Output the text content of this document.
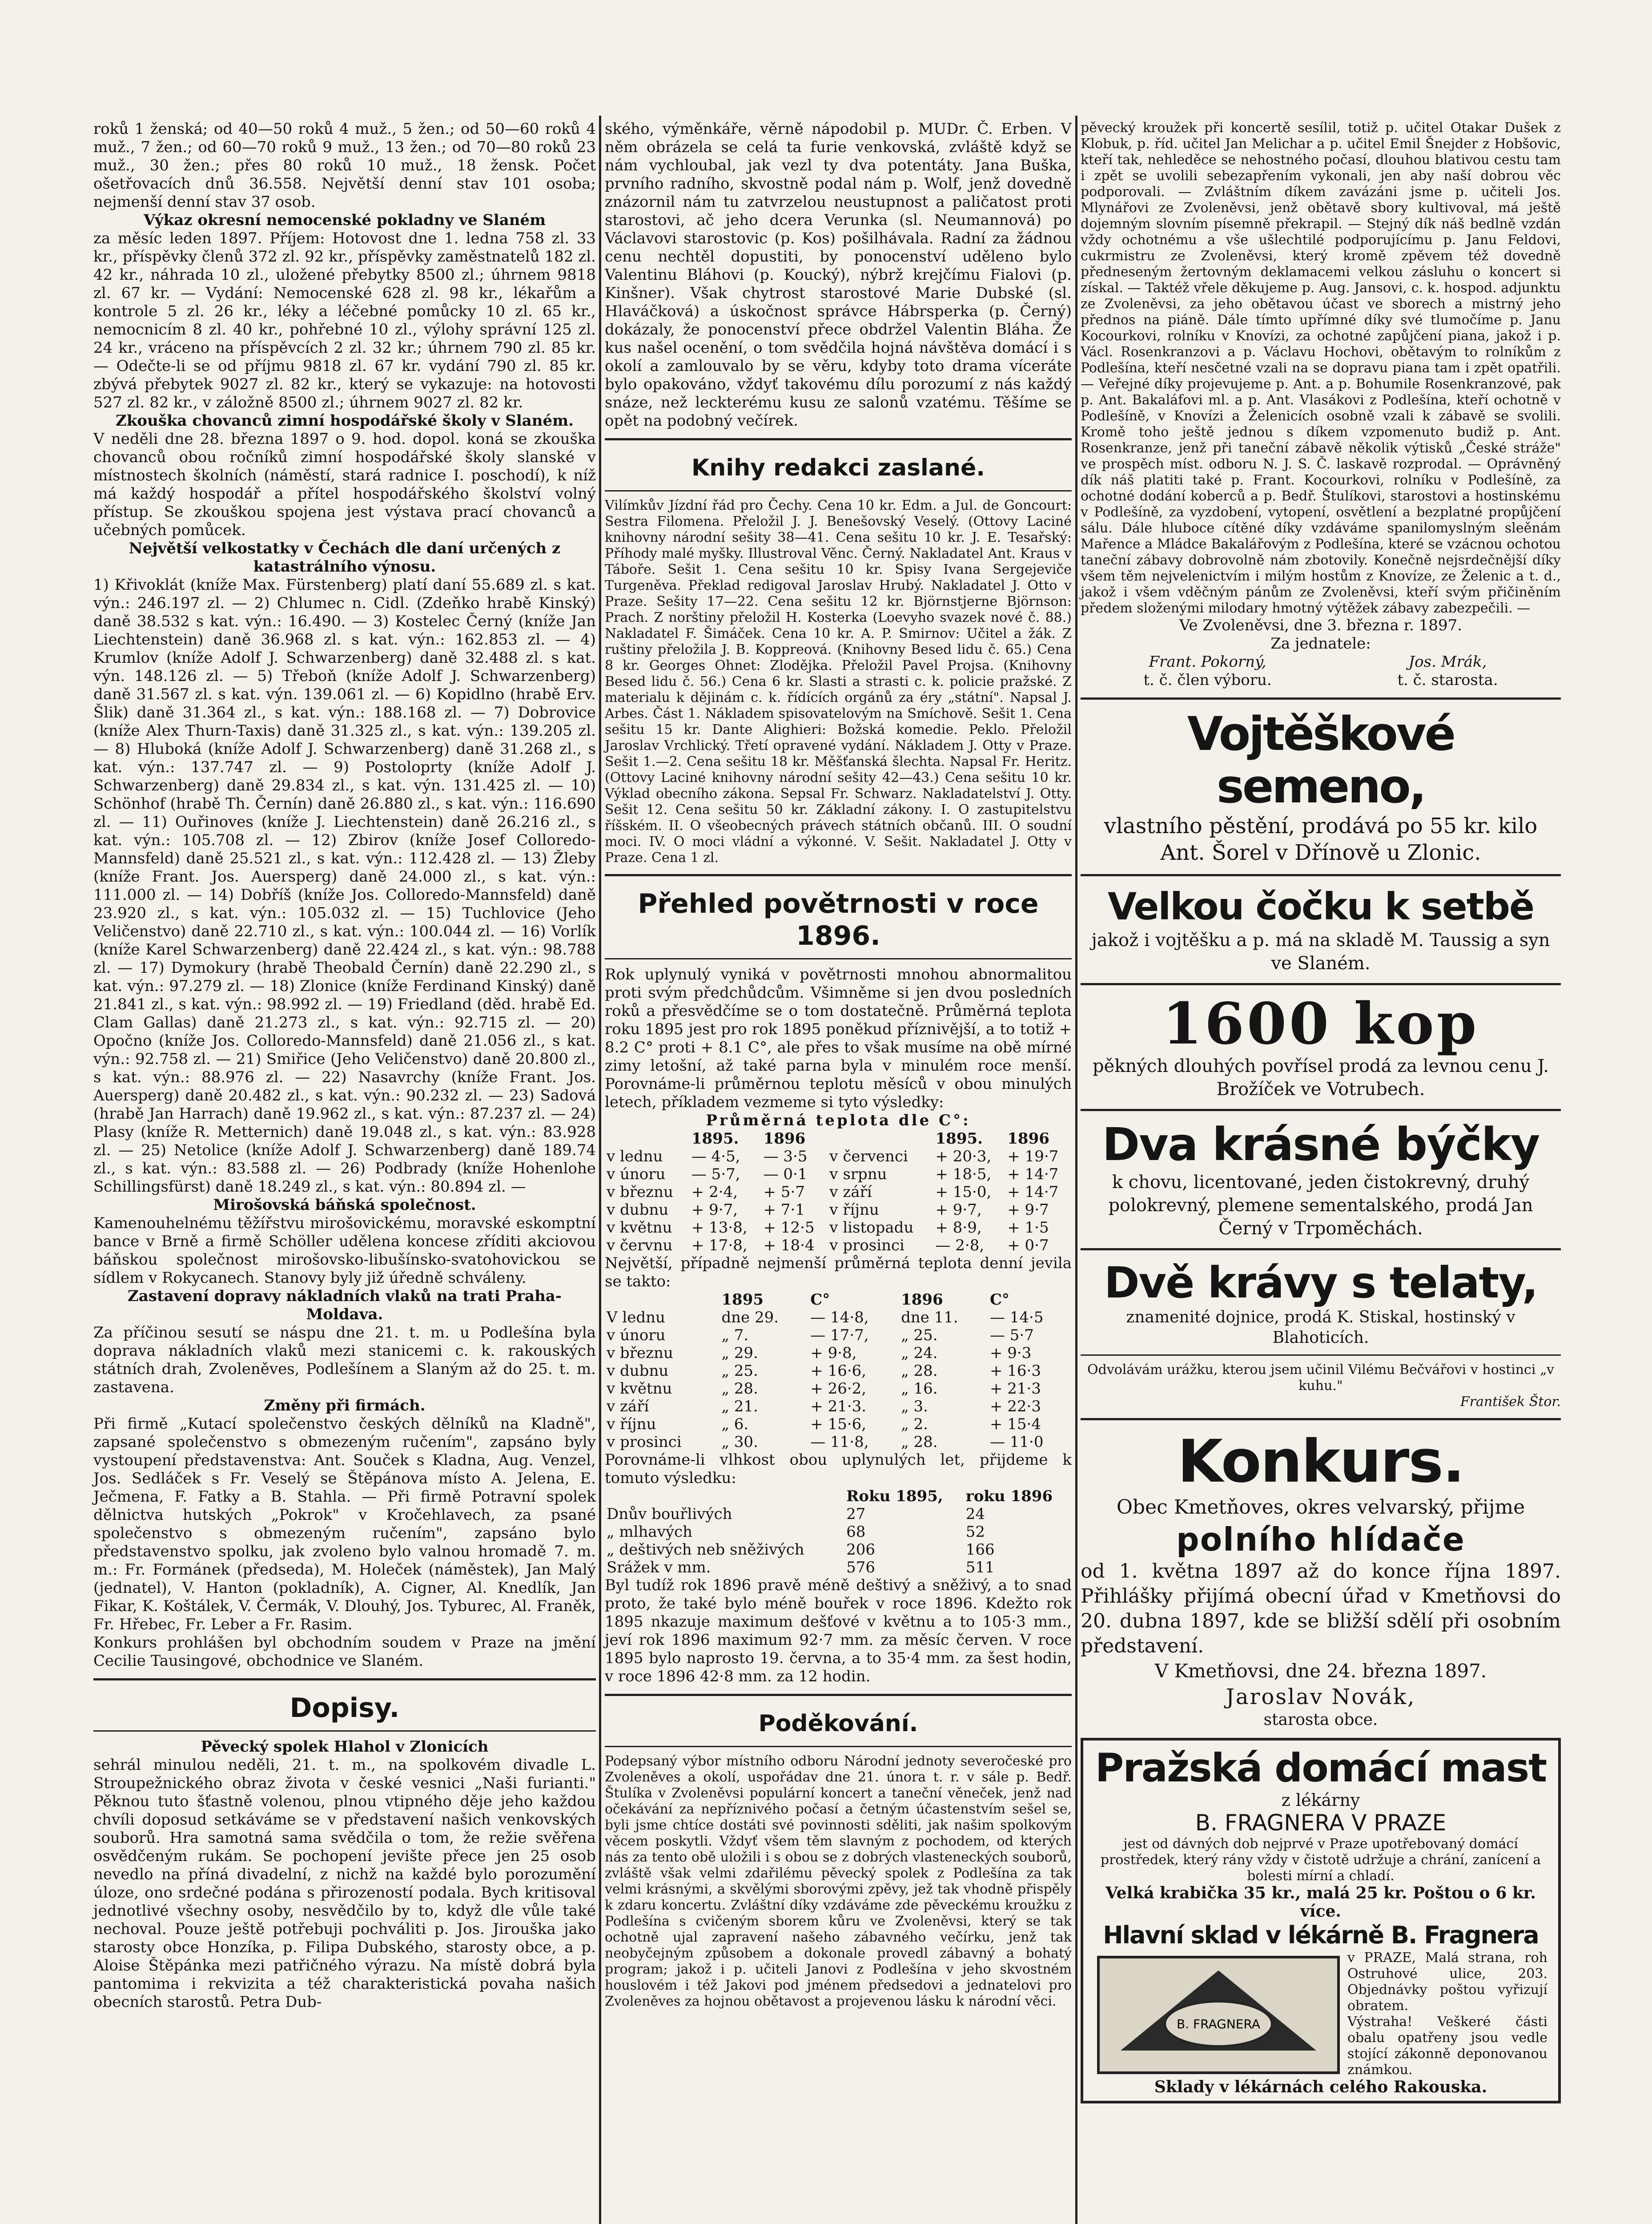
roků 1 ženská; od 40—50 roků 4 muž., 5 žen.; od 50—60 roků 4 muž., 7 žen.; od 60—70 roků 9 muž., 13 žen.; od 70—80 roků 23 muž., 30 žen.; přes 80 roků 10 muž., 18 žensk. Počet ošetřovacích dnů 36.558. Největší denní stav 101 osoba; nejmenší denní stav 37 osob.

Výkaz okresní nemocenské pokladny ve Slaném

za měsíc leden 1897. Příjem: Hotovost dne 1. ledna 758 zl. 33 kr., příspěvky členů 372 zl. 92 kr., příspěvky zaměstnatelů 182 zl. 42 kr., náhrada 10 zl., uložené přebytky 8500 zl.; úhrnem 9818 zl. 67 kr. — Vydání: Nemocenské 628 zl. 98 kr., lékařům a kontrole 5 zl. 26 kr., léky a léčebné pomůcky 10 zl. 65 kr., nemocnicím 8 zl. 40 kr., pohřebné 10 zl., výlohy správní 125 zl. 24 kr., vráceno na příspěvcích 2 zl. 32 kr.; úhrnem 790 zl. 85 kr. — Odečte-li se od příjmu 9818 zl. 67 kr. vydání 790 zl. 85 kr. zbývá přebytek 9027 zl. 82 kr., který se vykazuje: na hotovosti 527 zl. 82 kr., v záložně 8500 zl.; úhrnem 9027 zl. 82 kr.

Zkouška chovanců zimní hospodářské školy v Slaném.

V neděli dne 28. března 1897 o 9. hod. dopol. koná se zkouška chovanců obou ročníků zimní hospodářské školy slanské v místnostech školních (náměstí, stará radnice I. poschodí), k níž má každý hospodář a přítel hospodářského školství volný přístup. Se zkouškou spojena jest výstava prací chovanců a učebných pomůcek.

Největší velkostatky v Čechách dle daní určených z katastrálního výnosu.

1) Křivoklát (kníže Max. Fürstenberg) platí daní 55.689 zl. s kat. výn.: 246.197 zl. — 2) Chlumec n. Cidl. (Zdeňko hrabě Kinský) daně 38.532 s kat. výn.: 16.490. — 3) Kostelec Černý (kníže Jan Liechtenstein) daně 36.968 zl. s kat. výn.: 162.853 zl. — 4) Krumlov (kníže Adolf J. Schwarzenberg) daně 32.488 zl. s kat. výn. 148.126 zl. — 5) Třeboň (kníže Adolf J. Schwarzenberg) daně 31.567 zl. s kat. výn. 139.061 zl. — 6) Kopidlno (hrabě Erv. Šlik) daně 31.364 zl., s kat. výn.: 188.168 zl. — 7) Dobrovice (kníže Alex Thurn-Taxis) daně 31.325 zl., s kat. výn.: 139.205 zl. — 8) Hluboká (kníže Adolf J. Schwarzenberg) daně 31.268 zl., s kat. výn.: 137.747 zl. — 9) Postoloprty (kníže Adolf J. Schwarzenberg) daně 29.834 zl., s kat. výn. 131.425 zl. — 10) Schönhof (hrabě Th. Černín) daně 26.880 zl., s kat. výn.: 116.690 zl. — 11) Ouřinoves (kníže J. Liechtenstein) daně 26.216 zl., s kat. výn.: 105.708 zl. — 12) Zbirov (kníže Josef Colloredo-Mannsfeld) daně 25.521 zl., s kat. výn.: 112.428 zl. — 13) Žleby (kníže Frant. Jos. Auersperg) daně 24.000 zl., s kat. výn.: 111.000 zl. — 14) Dobříš (kníže Jos. Colloredo-Mannsfeld) daně 23.920 zl., s kat. výn.: 105.032 zl. — 15) Tuchlovice (Jeho Veličenstvo) daně 22.710 zl., s kat. výn.: 100.044 zl. — 16) Vorlík (kníže Karel Schwarzenberg) daně 22.424 zl., s kat. výn.: 98.788 zl. — 17) Dymokury (hrabě Theobald Černín) daně 22.290 zl., s kat. výn.: 97.279 zl. — 18) Zlonice (kníže Ferdinand Kinský) daně 21.841 zl., s kat. výn.: 98.992 zl. — 19) Friedland (děd. hrabě Ed. Clam Gallas) daně 21.273 zl., s kat. výn.: 92.715 zl. — 20) Opočno (kníže Jos. Colloredo-Mannsfeld) daně 21.056 zl., s kat. výn.: 92.758 zl. — 21) Smiřice (Jeho Veličenstvo) daně 20.800 zl., s kat. výn.: 88.976 zl. — 22) Nasavrchy (kníže Frant. Jos. Auersperg) daně 20.482 zl., s kat. výn.: 90.232 zl. — 23) Sadová (hrabě Jan Harrach) daně 19.962 zl., s kat. výn.: 87.237 zl. — 24) Plasy (kníže R. Metternich) daně 19.048 zl., s kat. výn.: 83.928 zl. — 25) Netolice (kníže Adolf J. Schwarzenberg) daně 189.74 zl., s kat. výn.: 83.588 zl. — 26) Podbrady (kníže Hohenlohe Schillingsfürst) daně 18.249 zl., s kat. výn.: 80.894 zl. —

Mirošovská báňská společnost.

Kamenouhelnému těžířstvu mirošovickému, moravské eskomptní bance v Brně a firmě Schöller udělena koncese zříditi akciovou báňskou společnost mirošovsko-libušínsko-svatohovickou se sídlem v Rokycanech. Stanovy byly již úředně schváleny.

Zastavení dopravy nákladních vlaků na trati Praha-Moldava.

Za příčinou sesutí se náspu dne 21. t. m. u Podlešína byla doprava nákladních vlaků mezi stanicemi c. k. rakouských státních drah, Zvoleněves, Podlešínem a Slaným až do 25. t. m. zastavena.

Změny při firmách.

Při firmě „Kutací společenstvo českých dělníků na Kladně", zapsané společenstvo s obmezeným ručením", zapsáno byly vystoupení představenstva: Ant. Souček s Kladna, Aug. Venzel, Jos. Sedláček s Fr. Veselý se Štěpánova místo A. Jelena, E. Ječmena, F. Fatky a B. Stahla. — Při firmě Potravní spolek dělnictva hutských „Pokrok" v Kročehlavech, za psané společenstvo s obmezeným ručením", zapsáno bylo představenstvo spolku, jak zvoleno bylo valnou hromadě 7. m. m.: Fr. Formánek (předseda), M. Holeček (náměstek), Jan Malý (jednatel), V. Hanton (pokladník), A. Cigner, Al. Knedlík, Jan Fikar, K. Koštálek, V. Čermák, V. Dlouhý, Jos. Tyburec, Al. Franěk, Fr. Hřebec, Fr. Leber a Fr. Rasim.

Konkurs prohlášen byl obchodním soudem v Praze na jmění Cecilie Tausingové, obchodnice ve Slaném.

Dopisy.

Pěvecký spolek Hlahol v Zlonicích

sehrál minulou neděli, 21. t. m., na spolkovém divadle L. Stroupežnického obraz života v české vesnici „Naši furianti." Pěknou tuto šťastně volenou, plnou vtipného děje jeho každou chvíli doposud setkáváme se v představení našich venkovských souborů. Hra samotná sama svědčila o tom, že režie svěřena osvědčeným rukám. Se pochopení jevište přece jen 25 osob nevedlo na příná divadelní, z nichž na každé bylo porozumění úloze, ono srdečné podána s přirozeností podala. Bych kritisoval jednotlivé všechny osoby, nesvědčilo by to, když dle vůle také nechoval. Pouze ještě potřebuji pochváliti p. Jos. Jirouška jako starosty obce Honzíka, p. Filipa Dubského, starosty obce, a p. Aloise Štěpánka mezi patřičného výrazu. Na místě dobrá byla pantomima i rekvizita a též charakteristická povaha našich obecních starostů. Petra Dub-

ského, výměnkáře, věrně nápodobil p. MUDr. Č. Erben. V něm obrázela se celá ta furie venkovská, zvláště když se nám vychloubal, jak vezl ty dva potentáty. Jana Buška, prvního radního, skvostně podal nám p. Wolf, jenž dovedně znázornil nám tu zatvrzelou neustupnost a paličatost proti starostovi, ač jeho dcera Verunka (sl. Neumannová) po Václavovi starostovic (p. Kos) pošilhávala. Radní za žádnou cenu nechtěl dopustiti, by ponocenství uděleno bylo Valentinu Bláhovi (p. Koucký), nýbrž krejčímu Fialovi (p. Kinšner). Však chytrost starostové Marie Dubské (sl. Hlaváčková) a úskočnost správce Hábrsperka (p. Černý) dokázaly, že ponocenství přece obdržel Valentin Bláha. Že kus našel ocenění, o tom svědčila hojná návštěva domácí i s okolí a zamlouvalo by se věru, kdyby toto drama víceráte bylo opakováno, vždyť takovému dílu porozumí z nás každý snáze, než leckterému kusu ze salonů vzatému. Těšíme se opět na podobný večírek.

Knihy redakci zaslané.

Vilímkův Jízdní řád pro Čechy. Cena 10 kr. Edm. a Jul. de Goncourt: Sestra Filomena. Přeložil J. J. Benešovský Veselý. (Ottovy Laciné knihovny národní sešity 38—41. Cena sešitu 10 kr. J. E. Tesařský: Příhody malé myšky. Illustroval Věnc. Černý. Nakladatel Ant. Kraus v Táboře. Sešit 1. Cena sešitu 10 kr. Spisy Ivana Sergejeviče Turgeněva. Překlad redigoval Jaroslav Hrubý. Nakladatel J. Otto v Praze. Sešity 17—22. Cena sešitu 12 kr. Björnstjerne Björnson: Prach. Z norštiny přeložil H. Kosterka (Loevyho svazek nové č. 88.) Nakladatel F. Šimáček. Cena 10 kr. A. P. Smirnov: Učitel a žák. Z ruštiny přeložila J. B. Koppreová. (Knihovny Besed lidu č. 65.) Cena 8 kr. Georges Ohnet: Zlodějka. Přeložil Pavel Projsa. (Knihovny Besed lidu č. 56.) Cena 6 kr. Slasti a strasti c. k. policie pražské. Z materialu k dějinám c. k. řídících orgánů za éry „státní". Napsal J. Arbes. Část 1. Nákladem spisovatelovým na Smíchově. Sešit 1. Cena sešitu 15 kr. Dante Alighieri: Božská komedie. Peklo. Přeložil Jaroslav Vrchlický. Třetí opravené vydání. Nákladem J. Otty v Praze. Sešit 1.—2. Cena sešitu 18 kr. Měšťanská šlechta. Napsal Fr. Heritz. (Ottovy Laciné knihovny národní sešity 42—43.) Cena sešitu 10 kr. Výklad obecního zákona. Sepsal Fr. Schwarz. Nakladatelství J. Otty. Sešit 12. Cena sešitu 50 kr. Základní zákony. I. O zastupitelstvu říšském. II. O všeobecných právech státních občanů. III. O soudní moci. IV. O moci vládní a výkonné. V. Sešit. Nakladatel J. Otty v Praze. Cena 1 zl.

Přehled povětrnosti v roce 1896.

Rok uplynulý vyniká v povětrnosti mnohou abnormalitou proti svým předchůdcům. Všimněme si jen dvou posledních roků a přesvědčíme se o tom dostatečně. Průměrná teplota roku 1895 jest pro rok 1895 poněkud příznivější, a to totiž + 8.2 C° proti + 8.1 C°, ale přes to však musíme na obě mírné zimy letošní, až také parna byla v minulém roce menší. Porovnáme-li průměrnou teplotu měsíců v obou minulých letech, příkladem vezmeme si tyto výsledky:

Průměrná teplota dle C°:

	1895.	1896		1895.	1896
v lednu	— 4·5,	— 3·5	v červenci	+ 20·3,	+ 19·7
v únoru	— 5·7,	— 0·1	v srpnu	+ 18·5,	+ 14·7
v březnu	+ 2·4,	+ 5·7	v září	+ 15·0,	+ 14·7
v dubnu	+ 9·7,	+ 7·1	v říjnu	+ 9·7,	+ 9·7
v květnu	+ 13·8,	+ 12·5	v listopadu	+ 8·9,	+ 1·5
v červnu	+ 17·8,	+ 18·4	v prosinci	— 2·8,	+ 0·7

Největší, případně nejmenší průměrná teplota denní jevila se takto:

	1895	C°	1896	C°
V lednu	dne 29.	— 14·8,	dne 11.	— 14·5
v únoru	„ 7.	— 17·7,	„ 25.	— 5·7
v březnu	„ 29.	+ 9·8,	„ 24.	+ 9·3
v dubnu	„ 25.	+ 16·6,	„ 28.	+ 16·3
v květnu	„ 28.	+ 26·2,	„ 16.	+ 21·3
v září	„ 21.	+ 21·3.	„ 3.	+ 22·3
v říjnu	„ 6.	+ 15·6,	„ 2.	+ 15·4
v prosinci	„ 30.	— 11·8,	„ 28.	— 11·0

Porovnáme-li vlhkost obou uplynulých let, přijdeme k tomuto výsledku:

	Roku 1895,	roku 1896
Dnův bouřlivých	27	24
„ mlhavých	68	52
„ deštivých neb sněživých	206	166
Srážek v mm.	576	511

Byl tudíž rok 1896 pravě méně deštivý a sněživý, a to snad proto, že také bylo méně bouřek v roce 1896. Kdežto rok 1895 nkazuje maximum dešťové v květnu a to 105·3 mm., jeví rok 1896 maximum 92·7 mm. za měsíc červen. V roce 1895 bylo naprosto 19. června, a to 35·4 mm. za šest hodin, v roce 1896 42·8 mm. za 12 hodin.

Poděkování.

Podepsaný výbor místního odboru Národní jednoty severočeské pro Zvoleněves a okolí, uspořádav dne 21. února t. r. v sále p. Bedř. Štulíka v Zvoleněvsi populární koncert a taneční věneček, jenž nad očekávání za nepříznivého počasí a četným účastenstvím sešel se, byli jsme chtíce dostáti své povinnosti sděliti, jak našim spolkovým věcem poskytli. Vždyť všem těm slavným z pochodem, od kterých nás za tento obě uložili i s obou se z dobrých vlasteneckých souborů, zvláště však velmi zdařilému pěvecký spolek z Podlešína za tak velmi krásnými, a skvělými sborovými zpěvy, jež tak vhodně přispěly k zdaru koncertu. Zvláštní díky vzdáváme zde pěveckému kroužku z Podlešína s cvičeným sborem kůru ve Zvoleněvsi, který se tak ochotně ujal zapravení našeho zábavného večírku, jenž tak neobyčejným způsobem a dokonale provedl zábavný a bohatý program; jakož i p. učiteli Janovi z Podlešína v jeho skvostném houslovém i též Jakovi pod jménem předsedovi a jednatelovi pro Zvoleněves za hojnou obětavost a projevenou lásku k národní věci.

pěvecký kroužek při koncertě sesílil, totiž p. učitel Otakar Dušek z Klobuk, p. říd. učitel Jan Melichar a p. učitel Emil Šnejder z Hobšovic, kteří tak, nehleděce se nehostného počasí, dlouhou blativou cestu tam i zpět se uvolili sebezapřením vykonali, jen aby naší dobrou věc podporovali. — Zvláštním díkem zavázáni jsme p. učiteli Jos. Mlynářovi ze Zvoleněvsi, jenž obětavě sbory kultivoval, má ještě dojemným slovním písemně překrapil. — Stejný dík náš bedlně vzdán vždy ochotnému a vše ušlechtilé podporujícímu p. Janu Feldovi, cukrmistru ze Zvoleněvsi, který kromě zpěvem též dovedně předneseným žertovným deklamacemi velkou zásluhu o koncert si získal. — Taktéž vřele děkujeme p. Aug. Jansovi, c. k. hospod. adjunktu ze Zvoleněvsi, za jeho obětavou účast ve sborech a mistrný jeho přednos na piáně. Dále tímto upřímné díky své tlumočíme p. Janu Kocourkovi, rolníku v Knovízi, za ochotné zapůjčení piana, jakož i p. Václ. Rosenkranzovi a p. Václavu Hochovi, obětavým to rolníkům z Podlešína, kteří nesčetné vzali na se dopravu piana tam i zpět opatřili. — Veřejné díky projevujeme p. Ant. a p. Bohumile Rosenkranzové, pak p. Ant. Bakaláfovi ml. a p. Ant. Vlasákovi z Podlešína, kteří ochotně v Podlešíně, v Knovízi a Želenicích osobně vzali k zábavě se svolili. Kromě toho ještě jednou s díkem vzpomenuto budiž p. Ant. Rosenkranze, jenž při taneční zábavě několik výtisků „České stráže" ve prospěch míst. odboru N. J. S. Č. laskavě rozprodal. — Oprávněný dík náš platiti také p. Frant. Kocourkovi, rolníku v Podlešíně, za ochotné dodání koberců a p. Bedř. Štulíkovi, starostovi a hostinskému v Podlešíně, za vyzdobení, vytopení, osvětlení a bezplatné propůjčení sálu. Dále hluboce cítěné díky vzdáváme spanilomyslným sleěnám Mařence a Mládce Bakalářovým z Podlešína, které se vzácnou ochotou taneční zábavy dobrovolně nám zbotovily. Konečně nejsrdečnější díky všem těm nejvelenictvím i milým hostům z Knovíze, ze Želenic a t. d., jakož i všem vděčným pánům ze Zvoleněvsi, kteří svým přičiněním předem složenými milodary hmotný výtěžek zábavy zabezpečili. —

Ve Zvoleněvsi, dne 3. března r. 1897.

Za jednatele:

Frant. Pokorný,
t. č. člen výboru.
Jos. Mrák,
t. č. starosta.
Vojtěškové semeno,

vlastního pěstění, prodává po 55 kr. kilo Ant. Šorel v Dřínově u Zlonic.

Velkou čočku k setbě

jakož i vojtěšku a p. má na skladě M. Taussig a syn ve Slaném.

1600 kop

pěkných dlouhých povřísel prodá za levnou cenu J. Brožíček ve Votrubech.

Dva krásné býčky

k chovu, licentované, jeden čistokrevný, druhý polokrevný, plemene sementalského, prodá Jan Černý v Trpoměchách.

Dvě krávy s telaty,

znamenité dojnice, prodá K. Stiskal, hostinský v Blahoticích.

Odvolávám urážku, kterou jsem učinil Vilému Bečvářovi v hostinci „v kuhu."

František Štor.

Konkurs.

Obec Kmetňoves, okres velvarský, přijme

polního hlídače

od 1. května 1897 až do konce října 1897. Přihlášky přijímá obecní úřad v Kmetňovsi do 20. dubna 1897, kde se bližší sdělí při osobním představení.

V Kmetňovsi, dne 24. března 1897.

Jaroslav Novák,

starosta obce.

Pražská domácí mast

z lékárny

B. FRAGNERA V PRAZE

jest od dávných dob nejprvé v Praze upotřebovaný domácí prostředek, který rány vždy v čistotě udržuje a chrání, zanícení a bolesti mírní a chladí.

Velká krabička 35 kr., malá 25 kr. Poštou o 6 kr. více.

Hlavní sklad v lékárně B. Fragnera

B. FRAGNERA

v PRAZE, Malá strana, roh Ostruhové ulice, 203. Objednávky poštou vyřizují obratem.

Výstraha! Veškeré části obalu opatřeny jsou vedle stojící zákonně deponovanou známkou.

Sklady v lékárnách celého Rakouska.
